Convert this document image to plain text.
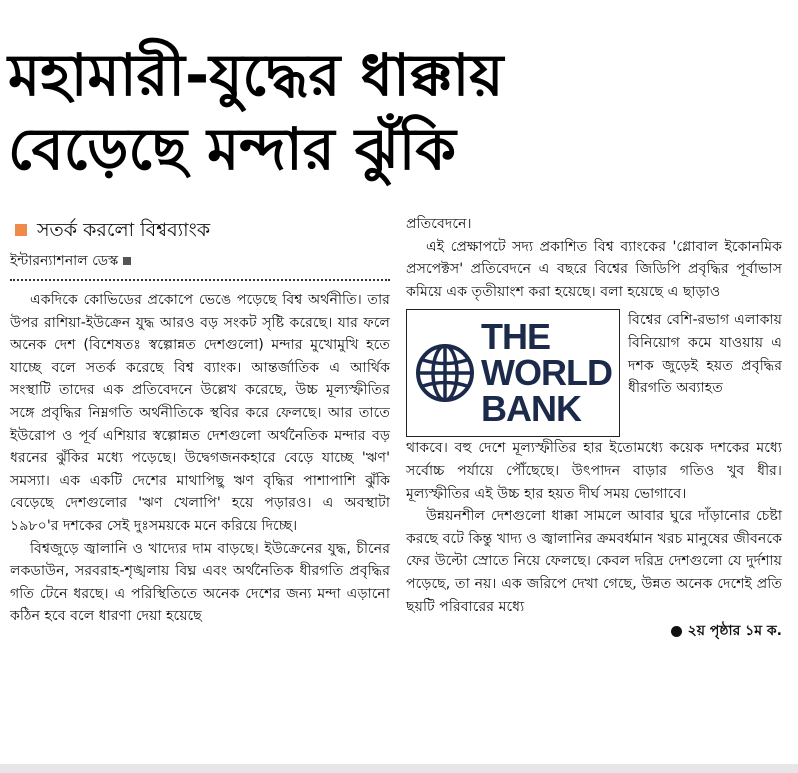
মহামারী-যুদ্ধের ধাক্কায়
বেড়েছে মন্দার ঝুঁকি
সতর্ক করলো বিশ্বব্যাংক
ইন্টারন্যাশনাল ডেস্ক

একদিকে কোভিডের প্রকোপে ভেঙে পড়েছে বিশ্ব অর্থনীতি। তার উপর রাশিয়া-ইউক্রেন যুদ্ধ আরও বড় সংকট সৃষ্টি করেছে। যার ফলে অনেক দেশ (বিশেষতঃ স্বল্পোন্নত দেশগুলো) মন্দার মুখোমুখি হতে যাচ্ছে বলে সতর্ক করেছে বিশ্ব ব্যাংক। আন্তর্জাতিক এ আর্থিক সংস্থাটি তাদের এক প্রতিবেদনে উল্লেখ করেছে, উচ্চ মূল্যস্ফীতির সঙ্গে প্রবৃদ্ধির নিম্নগতি অর্থনীতিকে স্থবির করে ফেলছে। আর তাতে ইউরোপ ও পূর্ব এশিয়ার স্বল্পোন্নত দেশগুলো অর্থনৈতিক মন্দার বড় ধরনের ঝুঁকির মধ্যে পড়েছে। উদ্বেগজনকহারে বেড়ে যাচ্ছে 'ঋণ' সমস্যা। এক একটি দেশের মাথাপিছু ঋণ বৃদ্ধির পাশাপাশি ঝুঁকি বেড়েছে দেশগুলোর 'ঋণ খেলাপি' হয়ে পড়ারও। এ অবস্থাটা ১৯৮০'র দশকের সেই দুঃসময়কে মনে করিয়ে দিচ্ছে।

বিশ্বজুড়ে জ্বালানি ও খাদ্যের দাম বাড়ছে। ইউক্রেনের যুদ্ধ, চীনের লকডাউন, সরবরাহ-শৃঙ্খলায় বিঘ্ন এবং অর্থনৈতিক ধীরগতি প্রবৃদ্ধির গতি টেনে ধরছে। এ পরিস্থিতিতে অনেক দেশের জন্য মন্দা এড়ানো কঠিন হবে বলে ধারণা দেয়া হয়েছে

প্রতিবেদনে।

এই প্রেক্ষাপটে সদ্য প্রকাশিত বিশ্ব ব্যাংকের 'গ্লোবাল ইকোনমিক প্রসপেক্টস' প্রতিবেদনে এ বছরে বিশ্বের জিডিপি প্রবৃদ্ধির পূর্বাভাস কমিয়ে এক তৃতীয়াংশ করা হয়েছে। বলা হয়েছে এ ছাড়াও

THE
WORLD
BANK
বিশ্বের বেশি-রভাগ এলাকায় বিনিয়োগ কমে যাওয়ায় এ দশক জুড়েই হয়ত প্রবৃদ্ধির ধীরগতি অব্যাহত
থাকবে। বহু দেশে মূল্যস্ফীতির হার ইতোমধ্যে কয়েক দশকের মধ্যে সর্বোচ্চ পর্যায়ে পৌঁছেছে। উৎপাদন বাড়ার গতিও খুব ধীর। মূল্যস্ফীতির এই উচ্চ হার হয়ত দীর্ঘ সময় ভোগাবে।

উন্নয়নশীল দেশগুলো ধাক্কা সামলে আবার ঘুরে দাঁড়ানোর চেষ্টা করছে বটে কিন্তু খাদ্য ও জ্বালানির ক্রমবর্ধমান খরচ মানুষের জীবনকে ফের উল্টো স্রোতে নিয়ে ফেলছে। কেবল দরিদ্র দেশগুলো যে দুর্দশায় পড়েছে, তা নয়। এক জরিপে দেখা গেছে, উন্নত অনেক দেশেই প্রতি ছয়টি পরিবারের মধ্যে

২য় পৃষ্ঠার ১ম ক.
